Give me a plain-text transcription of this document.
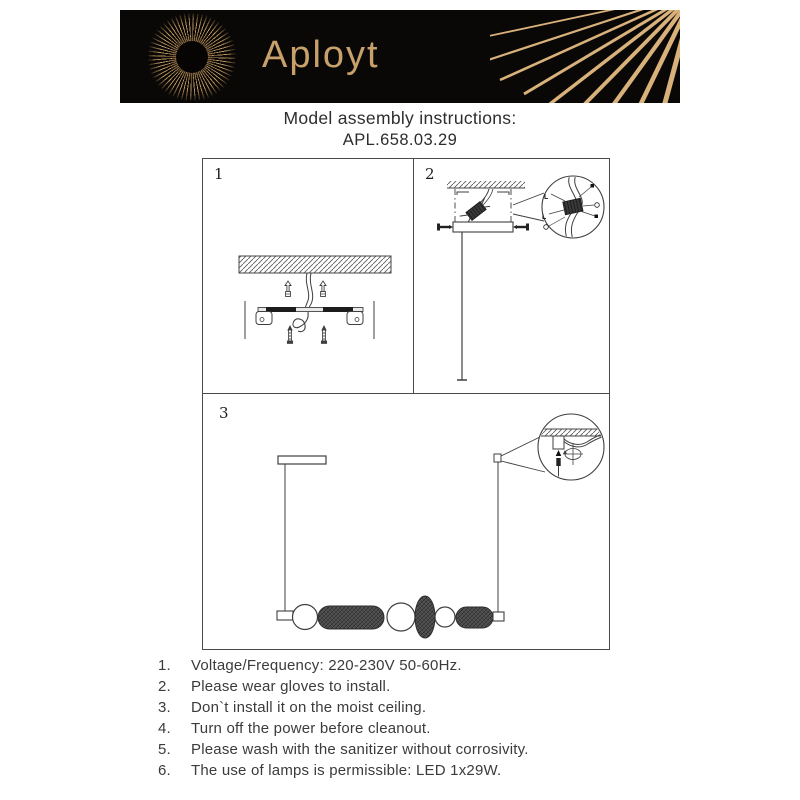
Aployt
Model assembly instructions:
APL.658.03.29
1	2
3
L
L
1. Voltage/Frequency: 220-230V 50-60Hz.
2. Please wear gloves to install.
3. Don`t install it on the moist ceiling.
4. Turn off the power before cleanout.
5. Please wash with the sanitizer without corrosivity.
6. The use of lamps is permissible: LED 1x29W.
